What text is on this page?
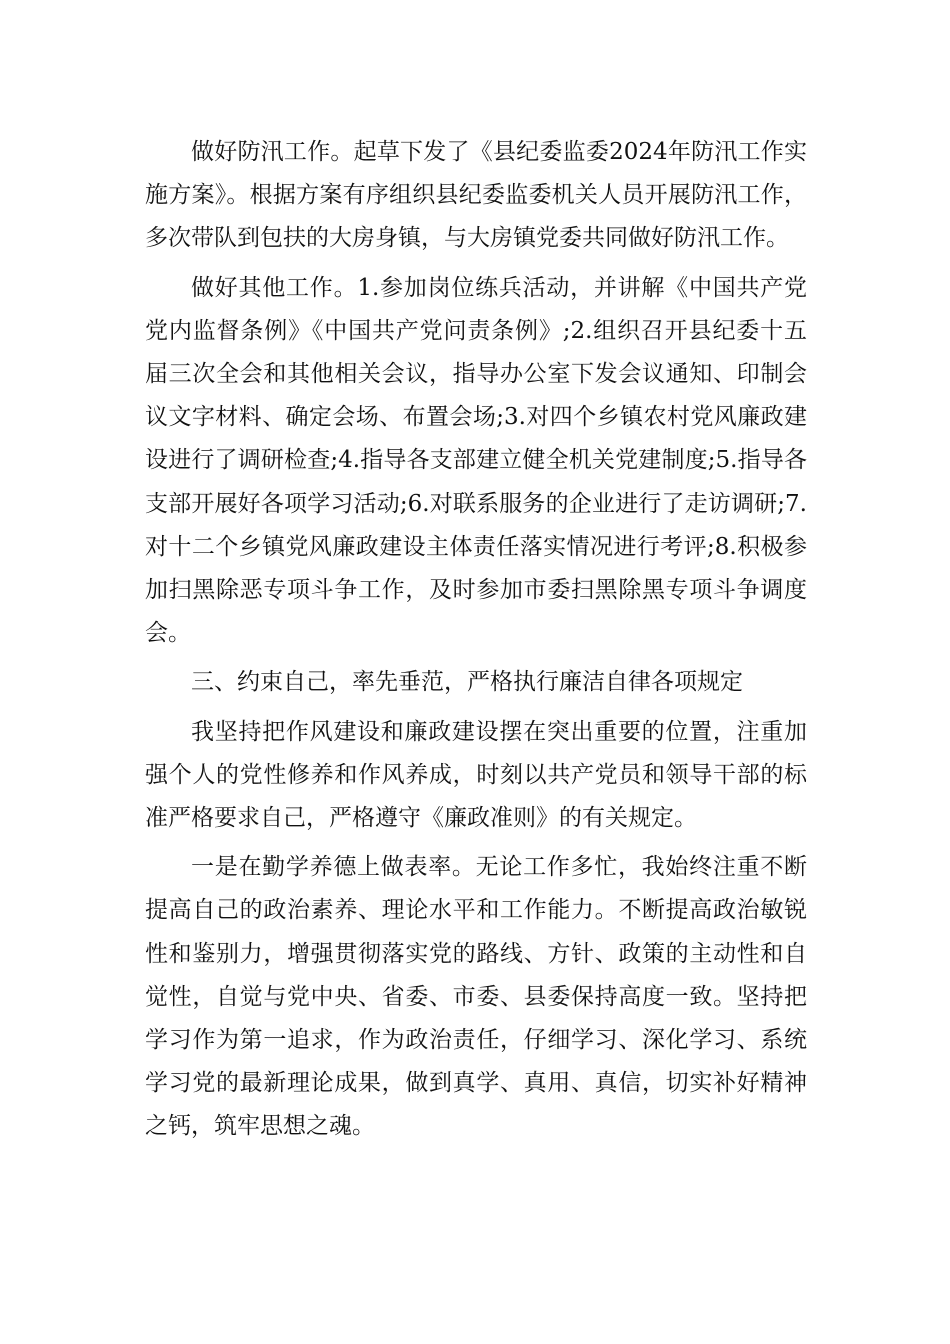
做好防汛工作。起草下发了《县纪委监委2024年防汛工作实施方案》。根据方案有序组织县纪委监委机关人员开展防汛工作，多次带队到包扶的大房身镇，与大房镇党委共同做好防汛工作。

做好其他工作。1.参加岗位练兵活动，并讲解《中国共产党党内监督条例》《中国共产党问责条例》;2.组织召开县纪委十五届三次全会和其他相关会议，指导办公室下发会议通知、印制会议文字材料、确定会场、布置会场;3.对四个乡镇农村党风廉政建设进行了调研检查;4.指导各支部建立健全机关党建制度;5.指导各支部开展好各项学习活动;6.对联系服务的企业进行了走访调研;7.对十二个乡镇党风廉政建设主体责任落实情况进行考评;8.积极参加扫黑除恶专项斗争工作，及时参加市委扫黑除黑专项斗争调度会。

三、约束自己，率先垂范，严格执行廉洁自律各项规定

我坚持把作风建设和廉政建设摆在突出重要的位置，注重加强个人的党性修养和作风养成，时刻以共产党员和领导干部的标准严格要求自己，严格遵守《廉政准则》的有关规定。

一是在勤学养德上做表率。无论工作多忙，我始终注重不断提高自己的政治素养、理论水平和工作能力。不断提高政治敏锐性和鉴别力，增强贯彻落实党的路线、方针、政策的主动性和自觉性，自觉与党中央、省委、市委、县委保持高度一致。坚持把学习作为第一追求，作为政治责任，仔细学习、深化学习、系统学习党的最新理论成果，做到真学、真用、真信，切实补好精神之钙，筑牢思想之魂。
